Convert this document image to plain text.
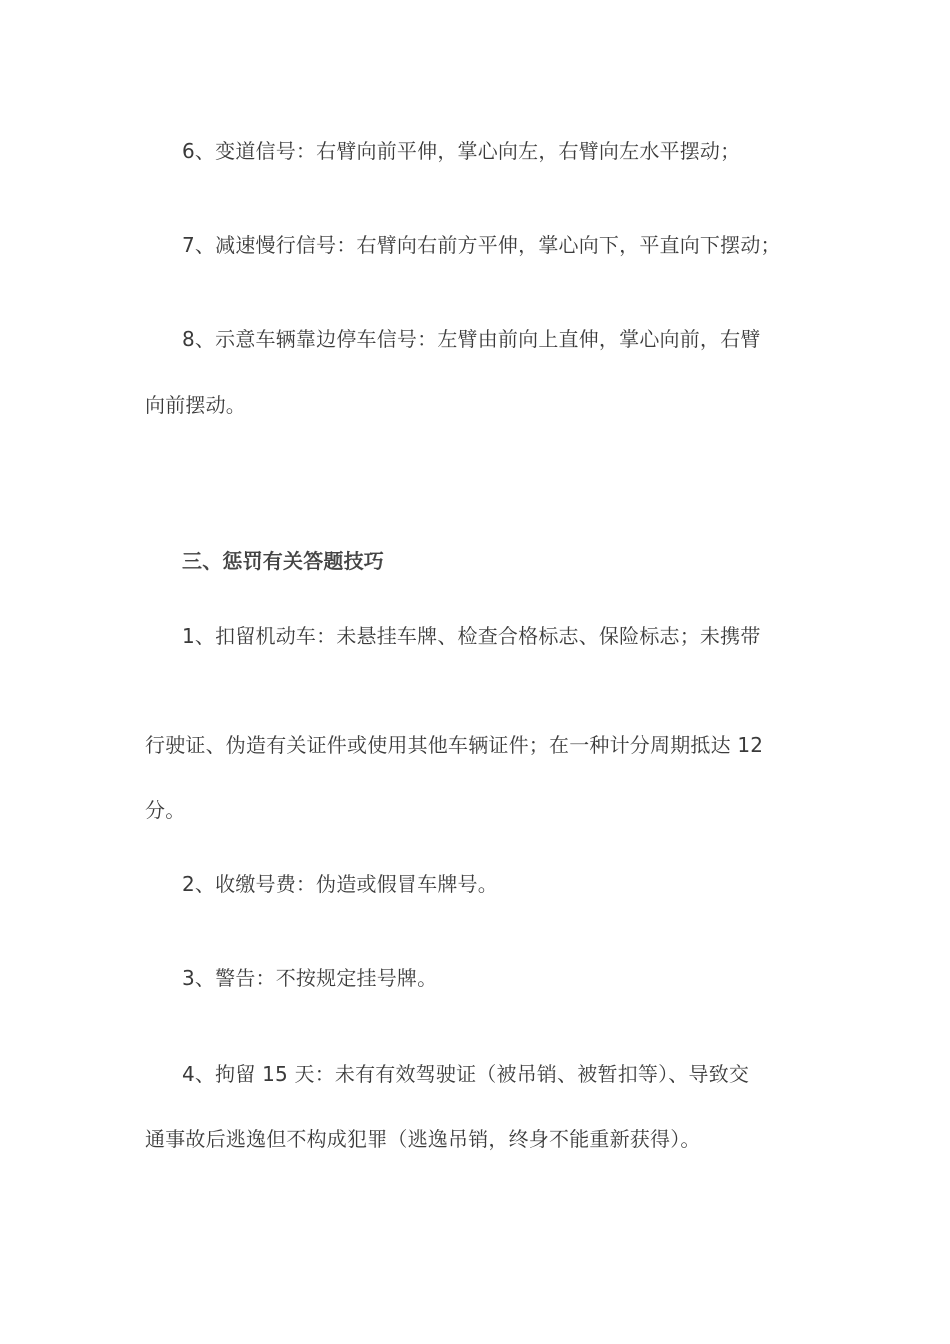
6、变道信号：右臂向前平伸，掌心向左，右臂向左水平摆动；
7、减速慢行信号：右臂向右前方平伸，掌心向下，平直向下摆动；
8、示意车辆靠边停车信号：左臂由前向上直伸，掌心向前，右臂
向前摆动。
三、惩罚有关答题技巧
1、扣留机动车：未悬挂车牌、检查合格标志、保险标志；未携带
行驶证、伪造有关证件或使用其他车辆证件；在一种计分周期抵达 12
分。
2、收缴号费：伪造或假冒车牌号。
3、警告：不按规定挂号牌。
4、拘留 15 天：未有有效驾驶证（被吊销、被暂扣等）、导致交
通事故后逃逸但不构成犯罪（逃逸吊销，终身不能重新获得）。
